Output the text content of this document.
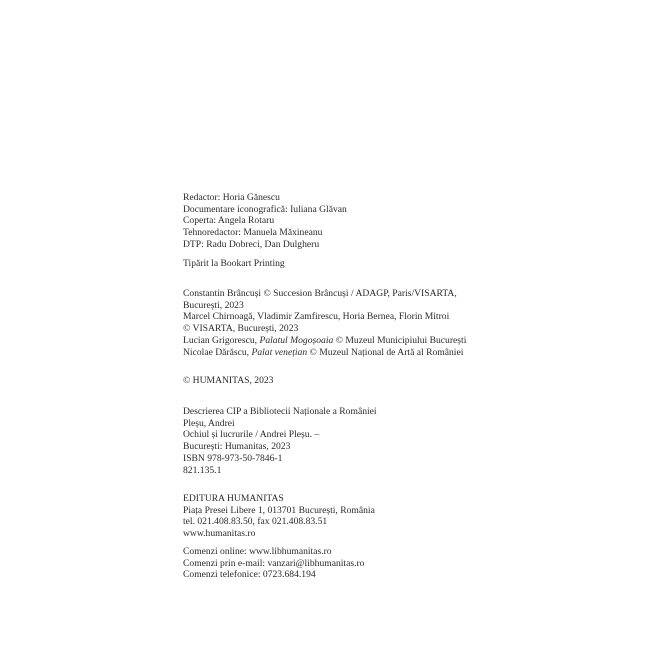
Redactor: Horia Gănescu
Documentare iconografică: Iuliana Glăvan
Coperta: Angela Rotaru
Tehnoredactor: Manuela Măxineanu
DTP: Radu Dobreci, Dan Dulgheru
Tipărit la Bookart Printing
Constantin Brâncuși © Succesion Brâncuși / ADAGP, Paris/VISARTA,
București, 2023
Marcel Chirnoagă, Vladimir Zamfirescu, Horia Bernea, Florin Mitroi
© VISARTA, București, 2023
Lucian Grigorescu, Palatul Mogoșoaia © Muzeul Municipiului București
Nicolae Dărăscu, Palat venețian © Muzeul Național de Artă al României
© HUMANITAS, 2023
Descrierea CIP a Bibliotecii Naționale a României
Pleșu, Andrei
Ochiul și lucrurile / Andrei Pleșu. –
București: Humanitas, 2023
ISBN 978-973-50-7846-1
821.135.1
EDITURA HUMANITAS
Piața Presei Libere 1, 013701 București, România
tel. 021.408.83.50, fax 021.408.83.51
www.humanitas.ro
Comenzi online: www.libhumanitas.ro
Comenzi prin e-mail: vanzari@libhumanitas.ro
Comenzi telefonice: 0723.684.194
